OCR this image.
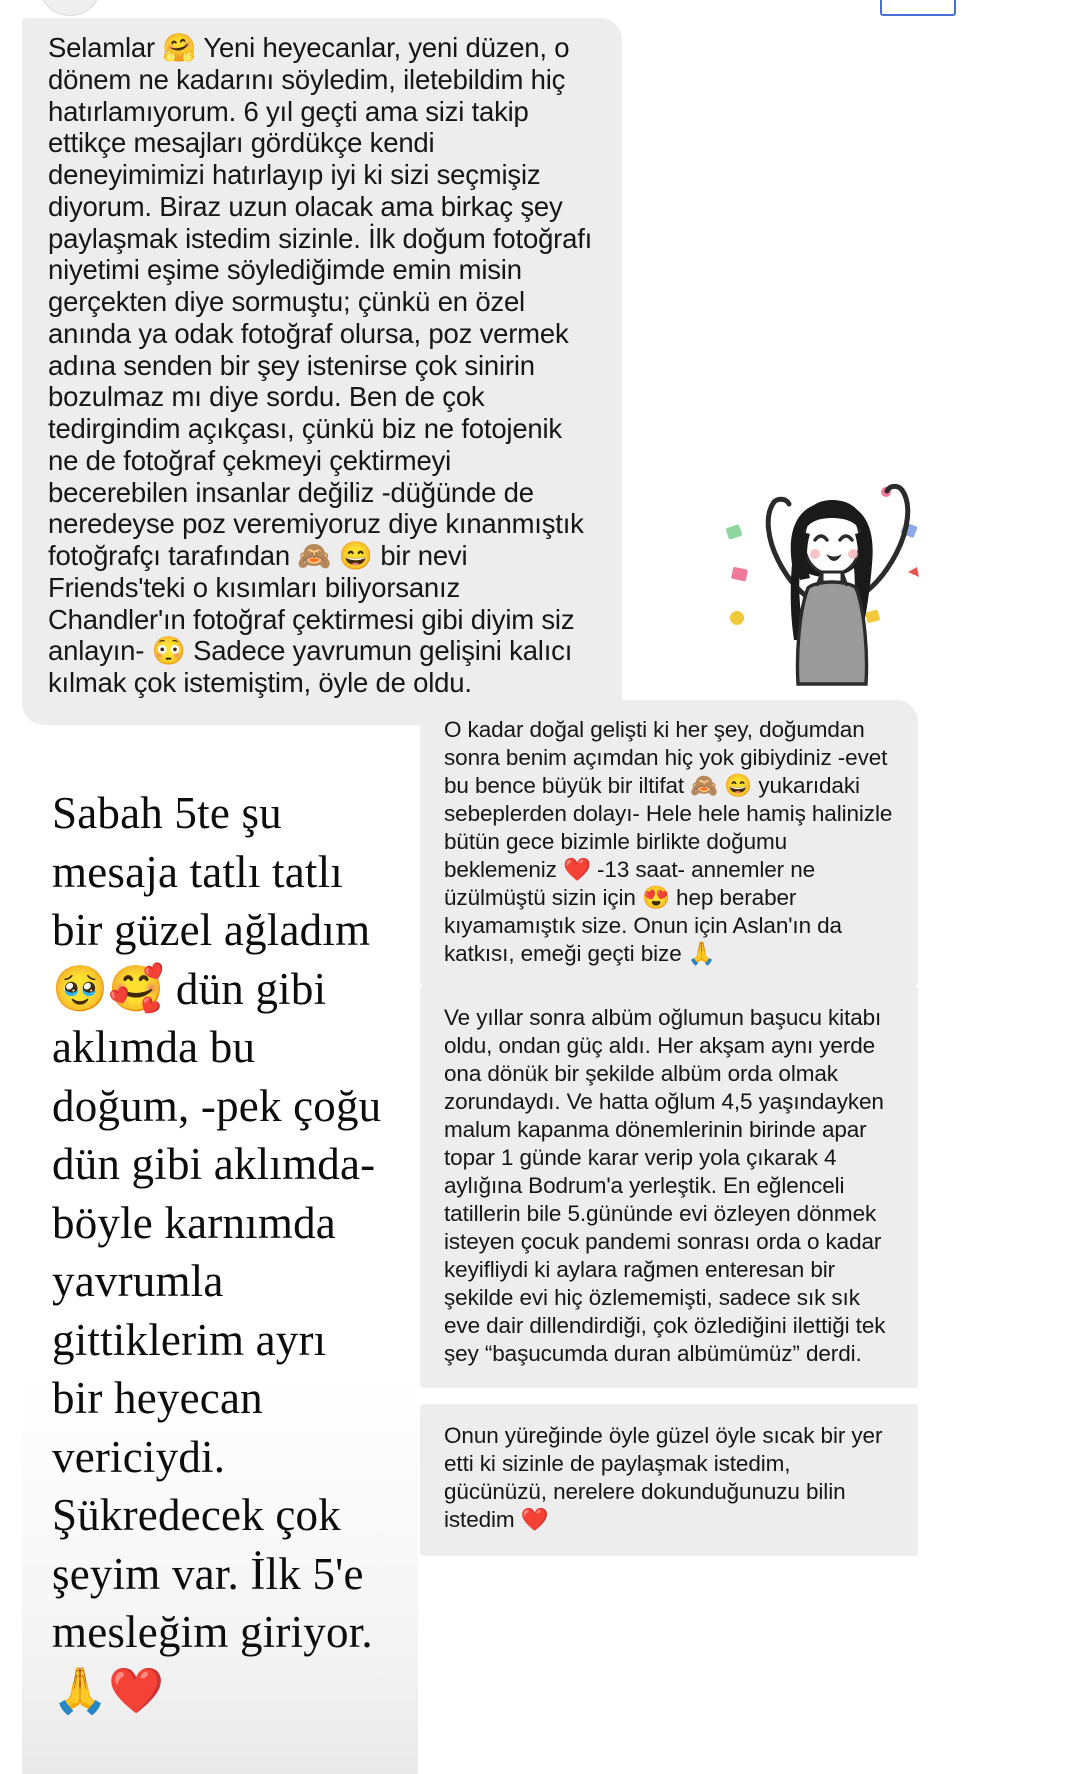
Selamlar 🤗 Yeni heyecanlar, yeni düzen, o dönem ne kadarını söyledim, iletebildim hiç hatırlamıyorum. 6 yıl geçti ama sizi takip ettikçe mesajları gördükçe kendi deneyimimizi hatırlayıp iyi ki sizi seçmişiz diyorum. Biraz uzun olacak ama birkaç şey paylaşmak istedim sizinle. İlk doğum fotoğrafı niyetimi eşime söylediğimde emin misin gerçekten diye sormuştu; çünkü en özel anında ya odak fotoğraf olursa, poz vermek adına senden bir şey istenirse çok sinirin bozulmaz mı diye sordu. Ben de çok tedirgindim açıkçası, çünkü biz ne fotojenik ne de fotoğraf çekmeyi çektirmeyi becerebilen insanlar değiliz -düğünde de neredeyse poz veremiyoruz diye kınanmıştık fotoğrafçı tarafından 🙈 😄 bir nevi Friends'teki o kısımları biliyorsanız Chandler'ın fotoğraf çektirmesi gibi diyim siz anlayın- 😳 Sadece yavrumun gelişini kalıcı kılmak çok istemiştim, öyle de oldu.

Sabah 5te şu mesaja tatlı tatlı bir güzel ağladım 🥹🥰 dün gibi aklımda bu doğum, -pek çoğu dün gibi aklımda- böyle karnımda yavrumla gittiklerim ayrı bir heyecan vericiydi. Şükredecek çok şeyim var. İlk 5'e mesleğim giriyor. 🙏❤️

O kadar doğal gelişti ki her şey, doğumdan sonra benim açımdan hiç yok gibiydiniz -evet bu bence büyük bir iltifat 🙈 😄 yukarıdaki sebeplerden dolayı- Hele hele hamiş halinizle bütün gece bizimle birlikte doğumu beklemeniz ❤️ -13 saat- annemler ne üzülmüştü sizin için 😍 hep beraber kıyamamıştık size. Onun için Aslan'ın da katkısı, emeği geçti bize 🙏

Ve yıllar sonra albüm oğlumun başucu kitabı oldu, ondan güç aldı. Her akşam aynı yerde ona dönük bir şekilde albüm orda olmak zorundaydı. Ve hatta oğlum 4,5 yaşındayken malum kapanma dönemlerinin birinde apar topar 1 günde karar verip yola çıkarak 4 aylığına Bodrum'a yerleştik. En eğlenceli tatillerin bile 5.gününde evi özleyen dönmek isteyen çocuk pandemi sonrası orda o kadar keyifliydi ki aylara rağmen enteresan bir şekilde evi hiç özlememişti, sadece sık sık eve dair dillendirdiği, çok özlediğini ilettiği tek şey “başucumda duran albümümüz” derdi.

Onun yüreğinde öyle güzel öyle sıcak bir yer etti ki sizinle de paylaşmak istedim, gücünüzü, nerelere dokunduğunuzu bilin istedim ❤️
